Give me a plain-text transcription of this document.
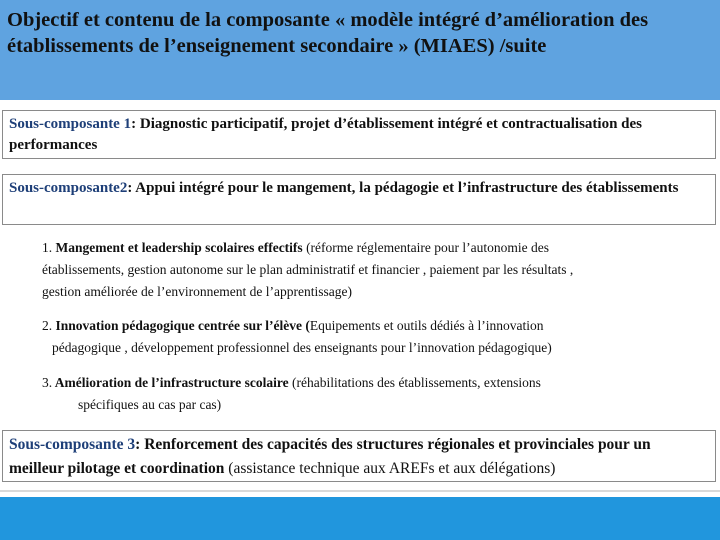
Objectif et contenu de la composante « modèle intégré d’amélioration des établissements de l’enseignement secondaire » (MIAES) /suite
Sous-composante 1: Diagnostic participatif, projet d’établissement intégré et contractualisation des performances
Sous-composante2: Appui intégré pour le mangement, la pédagogie et l’infrastructure des établissements
1. Mangement et leadership scolaires effectifs (réforme réglementaire pour l’autonomie des
établissements, gestion autonome sur le plan administratif et financier , paiement par les résultats ,
gestion améliorée de l’environnement de l’apprentissage)
2. Innovation pédagogique centrée sur l’élève (Equipements et outils dédiés à l’innovation
pédagogique , développement professionnel des enseignants pour l’innovation pédagogique)
3. Amélioration de l’infrastructure scolaire (réhabilitations des établissements, extensions
spécifiques au cas par cas)
Sous-composante 3: Renforcement des capacités des structures régionales et provinciales pour un meilleur pilotage et coordination (assistance technique aux AREFs et aux délégations)
